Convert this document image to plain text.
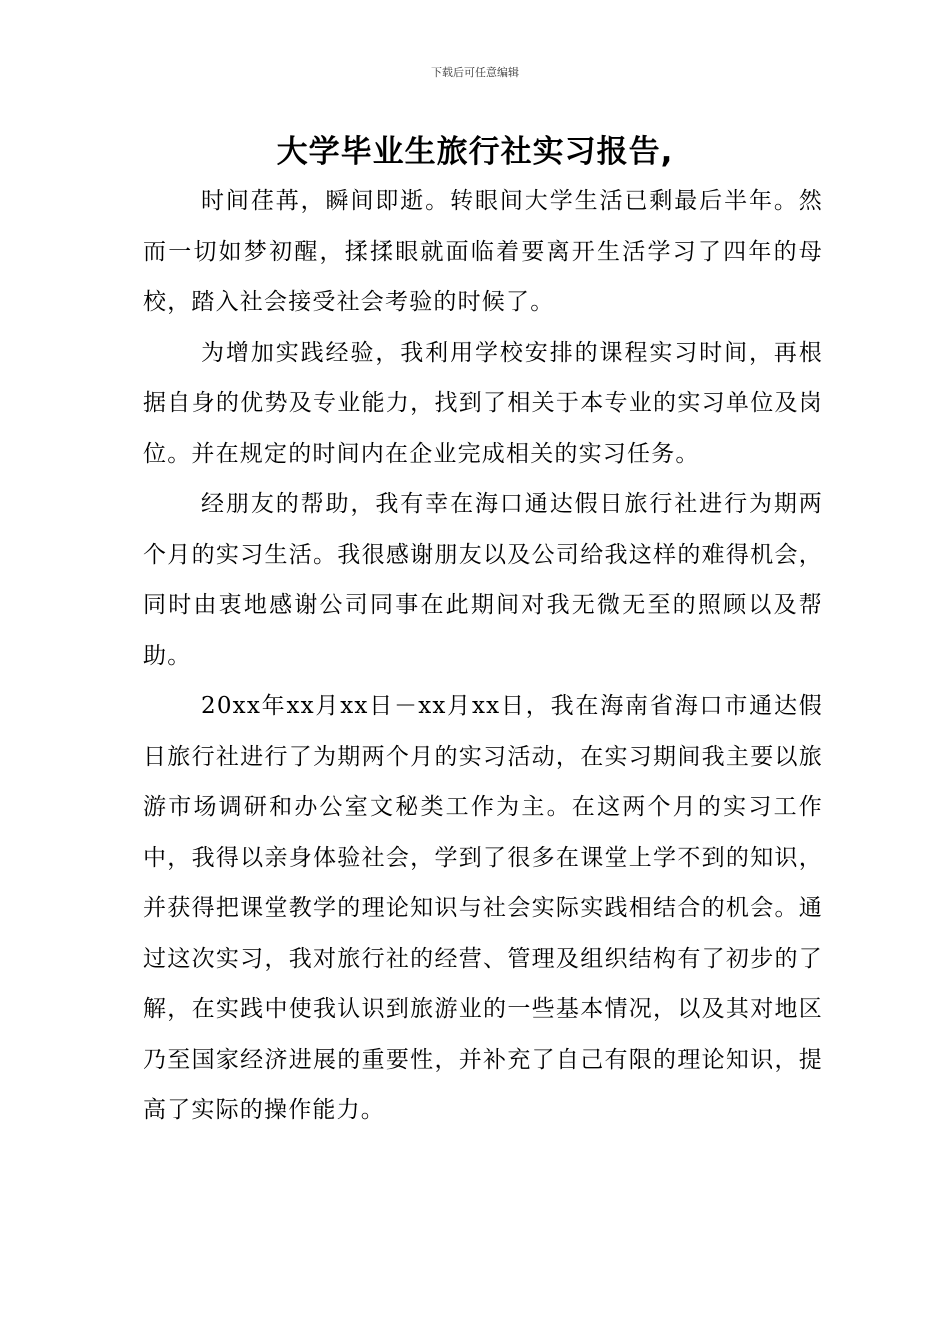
下载后可任意编辑
大学毕业生旅行社实习报告,

时间荏苒，瞬间即逝。转眼间大学生活已剩最后半年。然而一切如梦初醒，揉揉眼就面临着要离开生活学习了四年的母校，踏入社会接受社会考验的时候了。

为增加实践经验，我利用学校安排的课程实习时间，再根据自身的优势及专业能力，找到了相关于本专业的实习单位及岗位。并在规定的时间内在企业完成相关的实习任务。

经朋友的帮助，我有幸在海口通达假日旅行社进行为期两个月的实习生活。我很感谢朋友以及公司给我这样的难得机会，同时由衷地感谢公司同事在此期间对我无微无至的照顾以及帮助。

20xx年xx月xx日－xx月xx日，我在海南省海口市通达假日旅行社进行了为期两个月的实习活动，在实习期间我主要以旅游市场调研和办公室文秘类工作为主。在这两个月的实习工作中，我得以亲身体验社会，学到了很多在课堂上学不到的知识，并获得把课堂教学的理论知识与社会实际实践相结合的机会。通过这次实习，我对旅行社的经营、管理及组织结构有了初步的了解，在实践中使我认识到旅游业的一些基本情况，以及其对地区乃至国家经济进展的重要性，并补充了自己有限的理论知识，提高了实际的操作能力。
